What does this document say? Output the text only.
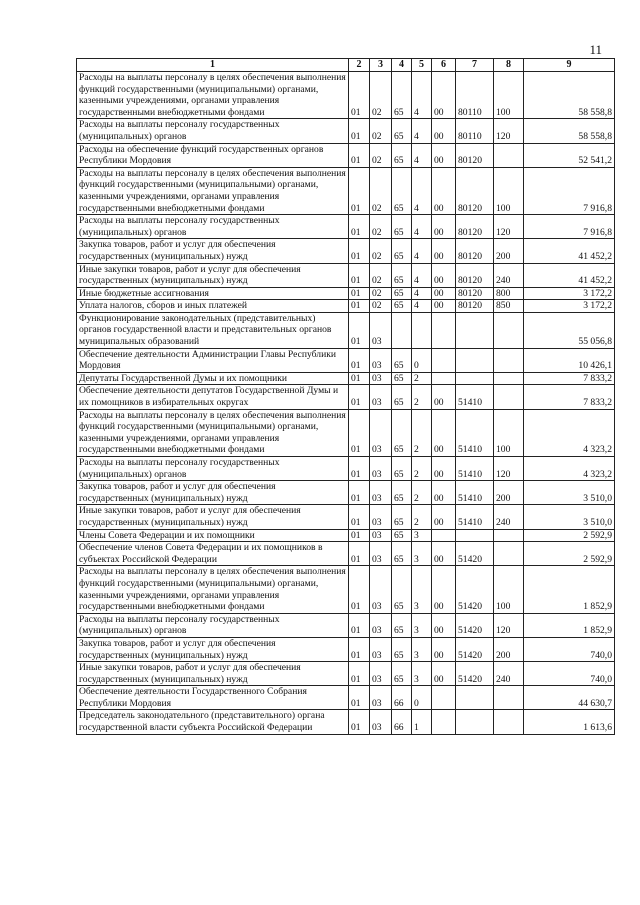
11
1	2	3	4	5	6	7	8	9
Расходы на выплаты персоналу в целях обеспечения выполнения функций государственными (муниципальными) органами, казенными учреждениями, органами управления государственными внебюджетными фондами	01	02	65	4	00	80110	100	58 558,8
Расходы на выплаты персоналу государственных (муниципальных) органов	01	02	65	4	00	80110	120	58 558,8
Расходы на обеспечение функций государственных органов Республики Мордовия	01	02	65	4	00	80120		52 541,2
Расходы на выплаты персоналу в целях обеспечения выполнения функций государственными (муниципальными) органами, казенными учреждениями, органами управления государственными внебюджетными фондами	01	02	65	4	00	80120	100	7 916,8
Расходы на выплаты персоналу государственных (муниципальных) органов	01	02	65	4	00	80120	120	7 916,8
Закупка товаров, работ и услуг для обеспечения государственных (муниципальных) нужд	01	02	65	4	00	80120	200	41 452,2
Иные закупки товаров, работ и услуг для обеспечения государственных (муниципальных) нужд	01	02	65	4	00	80120	240	41 452,2
Иные бюджетные ассигнования	01	02	65	4	00	80120	800	3 172,2
Уплата налогов, сборов и иных платежей	01	02	65	4	00	80120	850	3 172,2
Функционирование законодательных (представительных) органов государственной власти и представительных органов муниципальных образований	01	03						55 056,8
Обеспечение деятельности Администрации Главы Республики Мордовия	01	03	65	0				10 426,1
Депутаты Государственной Думы и их помощники	01	03	65	2				7 833,2
Обеспечение деятельности депутатов Государственной Думы и их помощников в избирательных округах	01	03	65	2	00	51410		7 833,2
Расходы на выплаты персоналу в целях обеспечения выполнения функций государственными (муниципальными) органами, казенными учреждениями, органами управления государственными внебюджетными фондами	01	03	65	2	00	51410	100	4 323,2
Расходы на выплаты персоналу государственных (муниципальных) органов	01	03	65	2	00	51410	120	4 323,2
Закупка товаров, работ и услуг для обеспечения государственных (муниципальных) нужд	01	03	65	2	00	51410	200	3 510,0
Иные закупки товаров, работ и услуг для обеспечения государственных (муниципальных) нужд	01	03	65	2	00	51410	240	3 510,0
Члены Совета Федерации и их помощники	01	03	65	3				2 592,9
Обеспечение членов Совета Федерации и их помощников в субъектах Российской Федерации	01	03	65	3	00	51420		2 592,9
Расходы на выплаты персоналу в целях обеспечения выполнения функций государственными (муниципальными) органами, казенными учреждениями, органами управления государственными внебюджетными фондами	01	03	65	3	00	51420	100	1 852,9
Расходы на выплаты персоналу государственных (муниципальных) органов	01	03	65	3	00	51420	120	1 852,9
Закупка товаров, работ и услуг для обеспечения государственных (муниципальных) нужд	01	03	65	3	00	51420	200	740,0
Иные закупки товаров, работ и услуг для обеспечения государственных (муниципальных) нужд	01	03	65	3	00	51420	240	740,0
Обеспечение деятельности Государственного Собрания Республики Мордовия	01	03	66	0				44 630,7
Председатель законодательного (представительного) органа государственной власти субъекта Российской Федерации	01	03	66	1				1 613,6
